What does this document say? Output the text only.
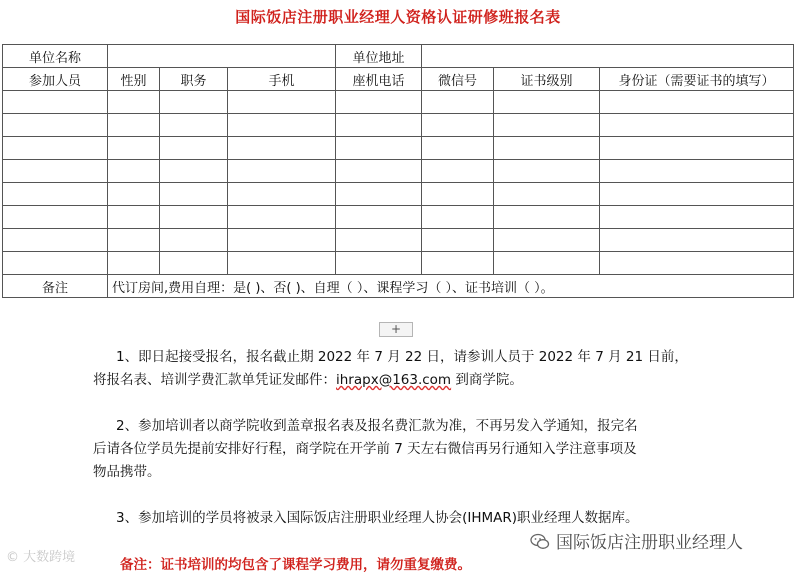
国际饭店注册职业经理人资格认证研修班报名表
单位名称				单位地址			
参加人员	性别	职务	手机	座机电话	微信号	证书级别	身份证（需要证书的填写）

备注	代订房间,费用自理：是( )、否( )、自理（ ）、课程学习（ ）、证书培训（ ）。						
+
1、即日起接受报名，报名截止期 2022 年 7 月 22 日，请参训人员于 2022 年 7 月 21 日前，
将报名表、培训学费汇款单凭证发邮件：ihrapx@163.com 到商学院。
2、参加培训者以商学院收到盖章报名表及报名费汇款为准，不再另发入学通知，报完名
后请各位学员先提前安排好行程，商学院在开学前 7 天左右微信再另行通知入学注意事项及
物品携带。
3、参加培训的学员将被录入国际饭店注册职业经理人协会(IHMAR)职业经理人数据库。
国际饭店注册职业经理人
© 大数跨境	备注：证书培训的均包含了课程学习费用，请勿重复缴费。
